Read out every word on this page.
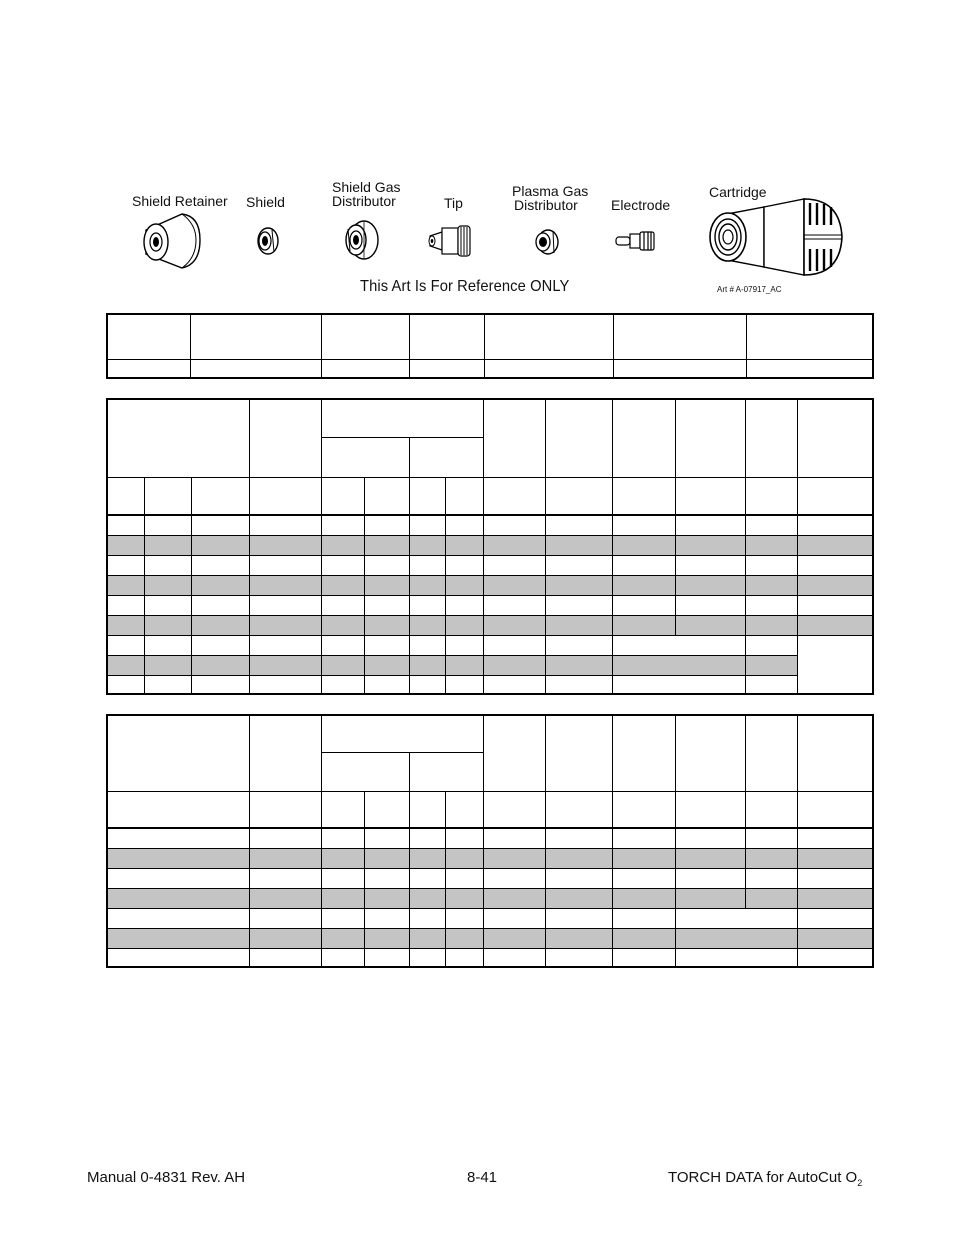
Shield Retainer Shield
Shield Gas
Distributor	Tip
Plasma Gas
Distributor Electrode
Cartridge
This Art Is For Reference ONLY	Art # A-07917_AC

Manual 0-4831 Rev. AH	8-41	TORCH DATA for AutoCut $O_2$
